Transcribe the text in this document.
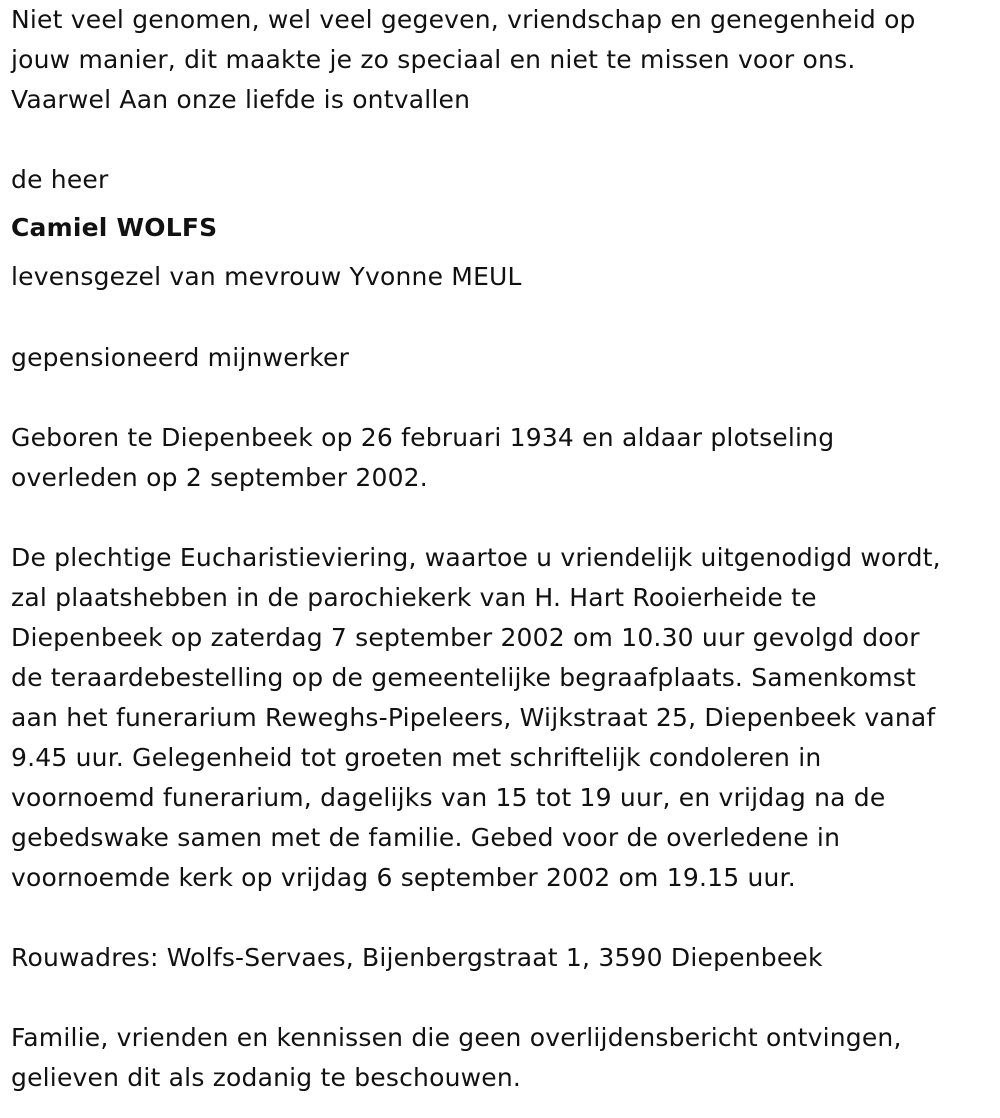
Niet veel genomen, wel veel gegeven, vriendschap en genegenheid op
jouw manier, dit maakte je zo speciaal en niet te missen voor ons.
Vaarwel Aan onze liefde is ontvallen
de heer
Camiel WOLFS
levensgezel van mevrouw Yvonne MEUL
gepensioneerd mijnwerker
Geboren te Diepenbeek op 26 februari 1934 en aldaar plotseling
overleden op 2 september 2002.
De plechtige Eucharistieviering, waartoe u vriendelijk uitgenodigd wordt,
zal plaatshebben in de parochiekerk van H. Hart Rooierheide te
Diepenbeek op zaterdag 7 september 2002 om 10.30 uur gevolgd door
de teraardebestelling op de gemeentelijke begraafplaats. Samenkomst
aan het funerarium Reweghs-Pipeleers, Wijkstraat 25, Diepenbeek vanaf
9.45 uur. Gelegenheid tot groeten met schriftelijk condoleren in
voornoemd funerarium, dagelijks van 15 tot 19 uur, en vrijdag na de
gebedswake samen met de familie. Gebed voor de overledene in
voornoemde kerk op vrijdag 6 september 2002 om 19.15 uur.
Rouwadres: Wolfs-Servaes, Bijenbergstraat 1, 3590 Diepenbeek
Familie, vrienden en kennissen die geen overlijdensbericht ontvingen,
gelieven dit als zodanig te beschouwen.
